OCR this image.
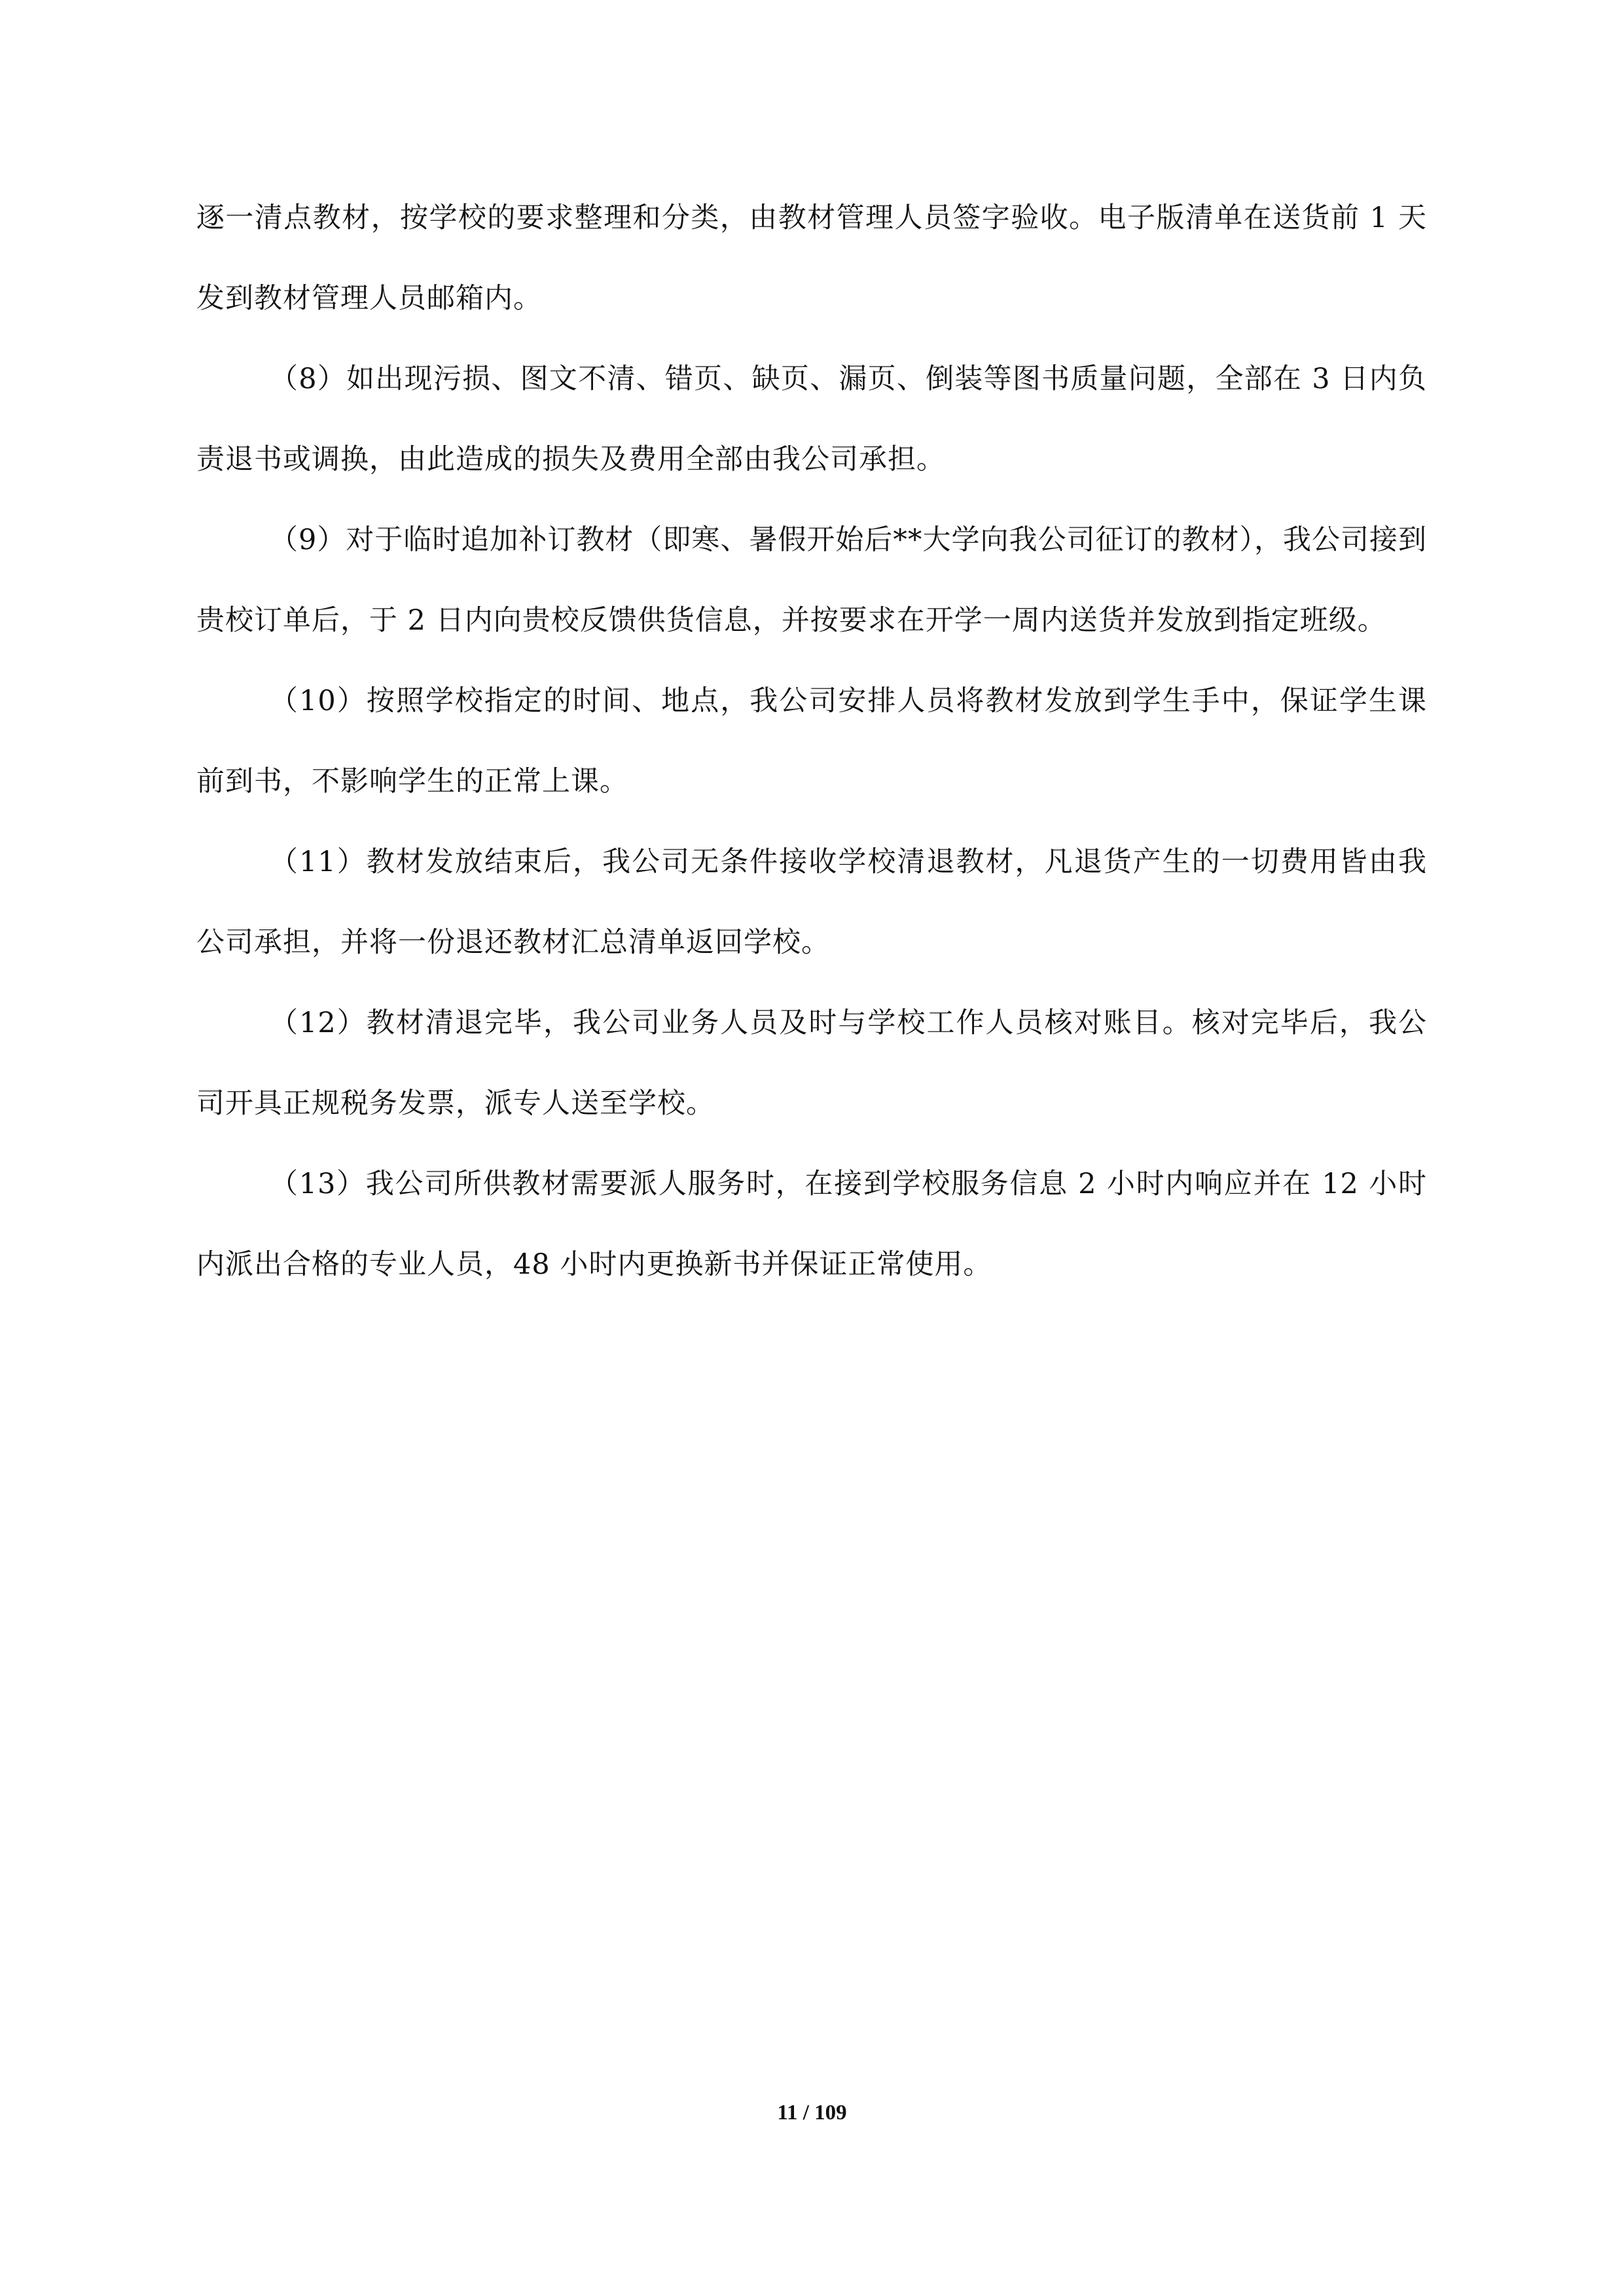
逐一清点教材，按学校的要求整理和分类，由教材管理人员签字验收。电子版清单在送货前 1 天发到教材管理人员邮箱内。

（8）如出现污损、图文不清、错页、缺页、漏页、倒装等图书质量问题，全部在 3 日内负责退书或调换，由此造成的损失及费用全部由我公司承担。

（9）对于临时追加补订教材（即寒、暑假开始后**大学向我公司征订的教材），我公司接到贵校订单后，于 2 日内向贵校反馈供货信息，并按要求在开学一周内送货并发放到指定班级。

（10）按照学校指定的时间、地点，我公司安排人员将教材发放到学生手中，保证学生课前到书，不影响学生的正常上课。

（11）教材发放结束后，我公司无条件接收学校清退教材，凡退货产生的一切费用皆由我公司承担，并将一份退还教材汇总清单返回学校。

（12）教材清退完毕，我公司业务人员及时与学校工作人员核对账目。核对完毕后，我公司开具正规税务发票，派专人送至学校。

（13）我公司所供教材需要派人服务时，在接到学校服务信息 2 小时内响应并在 12 小时内派出合格的专业人员，48 小时内更换新书并保证正常使用。

11 / 109
